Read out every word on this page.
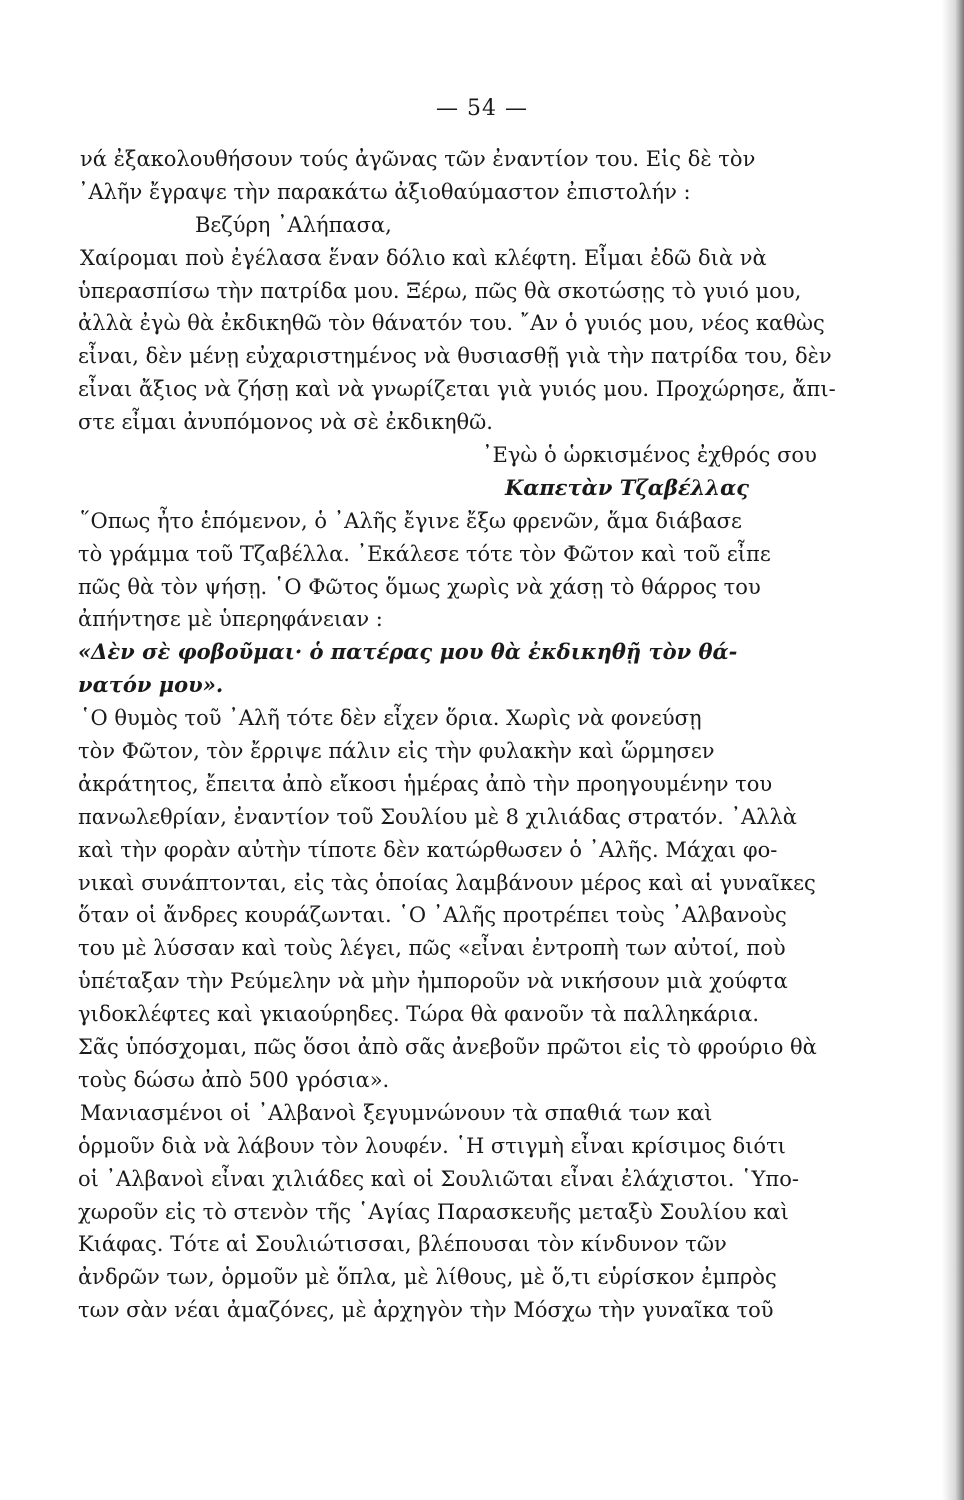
— 54 —
νά ἐξακολουθήσουν τούς ἀγῶνας τῶν ἐναντίον του. Εἰς δὲ τὸν
᾿Αλῆν ἔγραψε τὴν παρακάτω ἀξιοθαύμαστον ἐπιστολήν :
Βεζύρη ᾿Αλήπασα,
Χαίρομαι ποὺ ἐγέλασα ἕναν δόλιο καὶ κλέφτη. Εἶμαι ἐδῶ διὰ νὰ
ὑπερασπίσω τὴν πατρίδα μου. Ξέρω, πῶς θὰ σκοτώσῃς τὸ γυιό μου,
ἀλλὰ ἐγὼ θὰ ἐκδικηθῶ τὸν θάνατόν του. ῎Αν ὁ γυιός μου, νέος καθὼς
εἶναι, δὲν μένῃ εὐχαριστημένος νὰ θυσιασθῇ γιὰ τὴν πατρίδα του, δὲν
εἶναι ἄξιος νὰ ζήσῃ καὶ νὰ γνωρίζεται γιὰ γυιός μου. Προχώρησε, ἄπι-
στε εἶμαι ἀνυπόμονος νὰ σὲ ἐκδικηθῶ.
᾿Εγὼ ὁ ὡρκισμένος ἐχθρός σου
Καπετὰν Τζαβέλλας
῞Οπως ἦτο ἑπόμενον, ὁ ᾿Αλῆς ἔγινε ἔξω φρενῶν, ἅμα διάβασε
τὸ γράμμα τοῦ Τζαβέλλα. ᾿Εκάλεσε τότε τὸν Φῶτον καὶ τοῦ εἶπε
πῶς θὰ τὸν ψήσῃ. ῾Ο Φῶτος ὅμως χωρὶς νὰ χάσῃ τὸ θάρρος του
ἀπήντησε μὲ ὑπερηφάνειαν :
«Δὲν σὲ φοβοῦμαι· ὁ πατέρας μου θὰ ἐκδικηθῇ τὸν θά-
νατόν μου».
῾Ο θυμὸς τοῦ ᾿Αλῆ τότε δὲν εἶχεν ὅρια. Χωρὶς νὰ φονεύσῃ
τὸν Φῶτον, τὸν ἔρριψε πάλιν εἰς τὴν φυλακὴν καὶ ὥρμησεν
ἀκράτητος, ἔπειτα ἀπὸ εἴκοσι ἡμέρας ἀπὸ τὴν προηγουμένην του
πανωλεθρίαν, ἐναντίον τοῦ Σουλίου μὲ 8 χιλιάδας στρατόν. ᾿Αλλὰ
καὶ τὴν φορὰν αὐτὴν τίποτε δὲν κατώρθωσεν ὁ ᾿Αλῆς. Μάχαι φο-
νικαὶ συνάπτονται, εἰς τὰς ὁποίας λαμβάνουν μέρος καὶ αἱ γυναῖκες
ὅταν οἱ ἄνδρες κουράζωνται. ῾Ο ᾿Αλῆς προτρέπει τοὺς ᾿Αλβανοὺς
του μὲ λύσσαν καὶ τοὺς λέγει, πῶς «εἶναι ἐντροπὴ των αὐτοί, ποὺ
ὑπέταξαν τὴν Ρεύμελην νὰ μὴν ἠμποροῦν νὰ νικήσουν μιὰ χούφτα
γιδοκλέφτες καὶ γκιαούρηδες. Τώρα θὰ φανοῦν τὰ παλληκάρια.
Σᾶς ὑπόσχομαι, πῶς ὅσοι ἀπὸ σᾶς ἀνεβοῦν πρῶτοι εἰς τὸ φρούριο θὰ
τοὺς δώσω ἀπὸ 500 γρόσια».
Μανιασμένοι οἱ ᾿Αλβανοὶ ξεγυμνώνουν τὰ σπαθιά των καὶ
ὁρμοῦν διὰ νὰ λάβουν τὸν λουφέν. ῾Η στιγμὴ εἶναι κρίσιμος διότι
οἱ ᾿Αλβανοὶ εἶναι χιλιάδες καὶ οἱ Σουλιῶται εἶναι ἐλάχιστοι. ῾Υπο-
χωροῦν εἰς τὸ στενὸν τῆς ῾Αγίας Παρασκευῆς μεταξὺ Σουλίου καὶ
Κιάφας. Τότε αἱ Σουλιώτισσαι, βλέπουσαι τὸν κίνδυνον τῶν
ἀνδρῶν των, ὁρμοῦν μὲ ὅπλα, μὲ λίθους, μὲ ὅ,τι εὑρίσκον ἐμπρὸς
των σὰν νέαι ἀμαζόνες, μὲ ἀρχηγὸν τὴν Μόσχω τὴν γυναῖκα τοῦ
